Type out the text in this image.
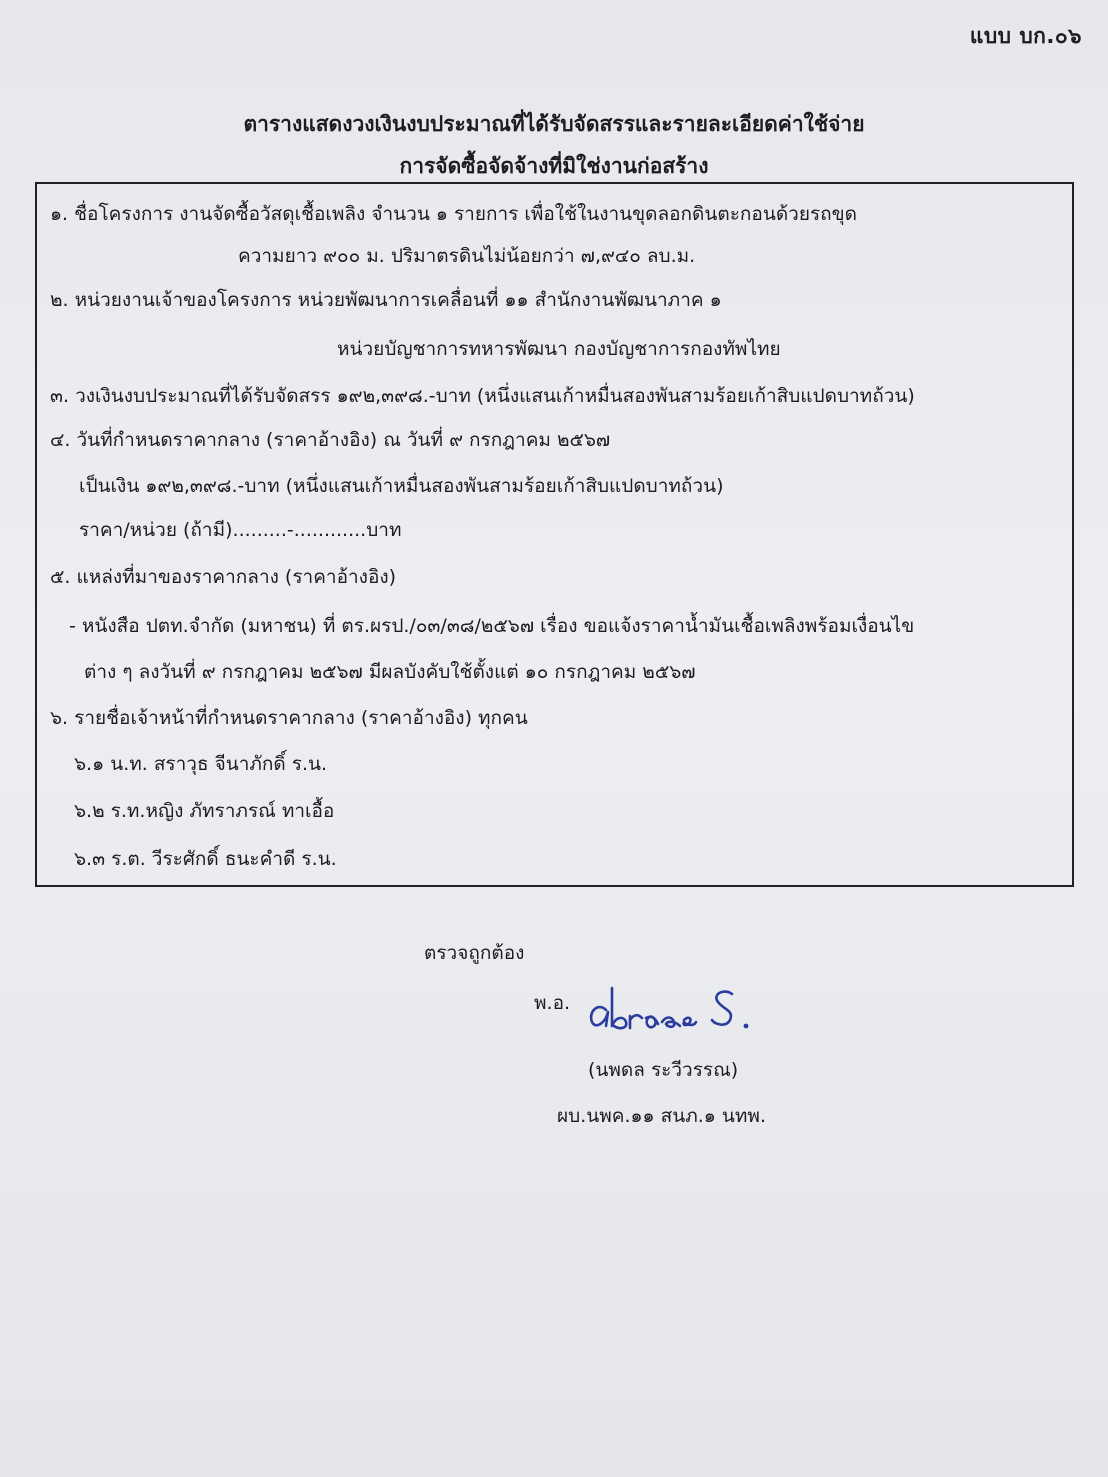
แบบ บก.๐๖
ตารางแสดงวงเงินงบประมาณที่ได้รับจัดสรรและรายละเอียดค่าใช้จ่าย
การจัดซื้อจัดจ้างที่มิใช่งานก่อสร้าง
๑. ชื่อโครงการ งานจัดซื้อวัสดุเชื้อเพลิง จำนวน ๑ รายการ เพื่อใช้ในงานขุดลอกดินตะกอนด้วยรถขุด
ความยาว ๙๐๐ ม. ปริมาตรดินไม่น้อยกว่า ๗,๙๔๐ ลบ.ม.
๒. หน่วยงานเจ้าของโครงการ หน่วยพัฒนาการเคลื่อนที่ ๑๑ สำนักงานพัฒนาภาค ๑
หน่วยบัญชาการทหารพัฒนา กองบัญชาการกองทัพไทย
๓. วงเงินงบประมาณที่ได้รับจัดสรร ๑๙๒,๓๙๘.-บาท (หนึ่งแสนเก้าหมื่นสองพันสามร้อยเก้าสิบแปดบาทถ้วน)
๔. วันที่กำหนดราคากลาง (ราคาอ้างอิง) ณ วันที่ ๙ กรกฎาคม ๒๕๖๗
เป็นเงิน ๑๙๒,๓๙๘.-บาท (หนึ่งแสนเก้าหมื่นสองพันสามร้อยเก้าสิบแปดบาทถ้วน)
ราคา/หน่วย (ถ้ามี).........-............บาท
๕. แหล่งที่มาของราคากลาง (ราคาอ้างอิง)
- หนังสือ ปตท.จำกัด (มหาชน) ที่ ตร.ผรป./๐๓/๓๘/๒๕๖๗ เรื่อง ขอแจ้งราคาน้ำมันเชื้อเพลิงพร้อมเงื่อนไข
ต่าง ๆ ลงวันที่ ๙ กรกฎาคม ๒๕๖๗ มีผลบังคับใช้ตั้งแต่ ๑๐ กรกฎาคม ๒๕๖๗
๖. รายชื่อเจ้าหน้าที่กำหนดราคากลาง (ราคาอ้างอิง) ทุกคน
๖.๑ น.ท. สราวุธ จีนาภักดิ์ ร.น.
๖.๒ ร.ท.หญิง ภัทราภรณ์ ทาเอื้อ
๖.๓ ร.ต. วีระศักดิ์ ธนะคำดี ร.น.
ตรวจถูกต้อง
พ.อ.
(นพดล ระวีวรรณ)
ผบ.นพค.๑๑ สนภ.๑ นทพ.
